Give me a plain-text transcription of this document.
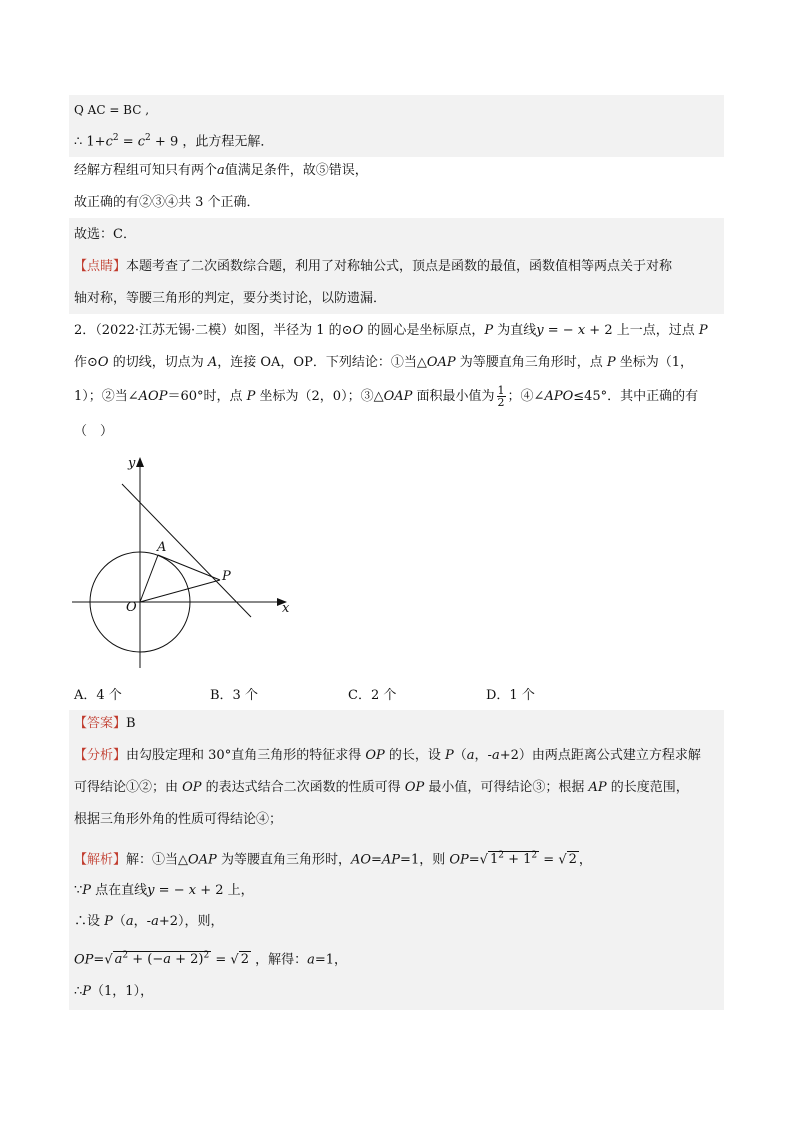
Q AC = BC ,
∴ $1+c^2 = c^2 + 9$ ，此方程无解．
经解方程组可知只有两个a值满足条件，故⑤错误，
故正确的有②③④共 3 个正确．
故选：C．
【点睛】本题考查了二次函数综合题，利用了对称轴公式，顶点是函数的最值，函数值相等两点关于对称
轴对称，等腰三角形的判定，要分类讨论，以防遗漏．
2．（2022·江苏无锡·二模）如图，半径为 1 的⊙O 的圆心是坐标原点，P 为直线y = − x + 2 上一点，过点 P
作⊙O 的切线，切点为 A，连接 OA，OP．下列结论：①当△OAP 为等腰直角三角形时，点 P 坐标为（1，
1）；②当∠AOP＝60°时，点 P 坐标为（2，0）；③△OAP 面积最小值为 $\frac{1}{2}$ ；④∠APO≤45°．其中正确的有
（　）
y
x
O
A
P
A．4 个	B．3 个	C．2 个	D．1 个
【答案】B
【分析】由勾股定理和 30°直角三角形的特征求得 OP 的长，设 P（a，-a+2）由两点距离公式建立方程求解
可得结论①②；由 OP 的表达式结合二次函数的性质可得 OP 最小值，可得结论③；根据 AP 的长度范围，
根据三角形外角的性质可得结论④；
【解析】解：①当△OAP 为等腰直角三角形时，AO=AP=1，则 OP=√ $1^2 + 1^2$ = √ 2 ，
∵P 点在直线y = − x + 2 上，
∴设 P（a，-a+2），则，
OP=√ $a^2 + (-a + 2)^2$ = √ 2 ，解得：a=1，
∴P（1，1），
